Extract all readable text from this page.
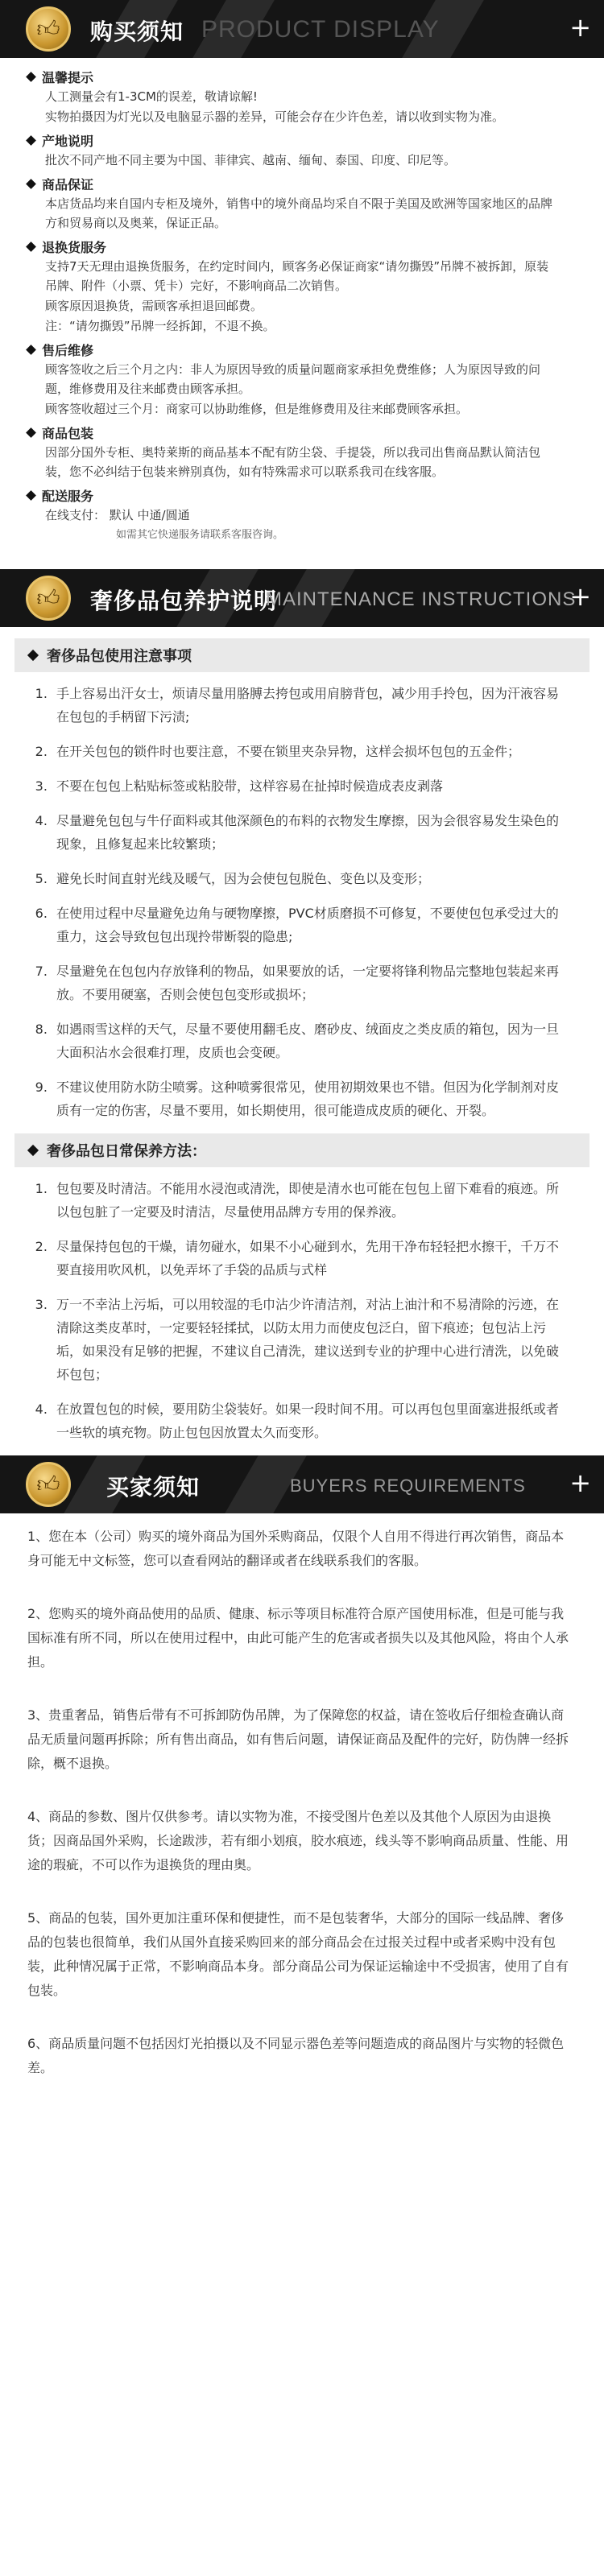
👍︎	购买须知 PRODUCT DISPLAY	+
温馨提示
人工测量会有1-3CM的误差，敬请谅解!
实物拍摄因为灯光以及电脑显示器的差异，可能会存在少许色差，请以收到实物为准。
产地说明
批次不同产地不同主要为中国、菲律宾、越南、缅甸、泰国、印度、印尼等。
商品保证
本店货品均来自国内专柜及境外，销售中的境外商品均采自不限于美国及欧洲等国家地区的品牌方和贸易商以及奥莱，保证正品。
退换货服务
支持7天无理由退换货服务，在约定时间内，顾客务必保证商家“请勿撕毁”吊牌不被拆卸，原装吊牌、附件（小票、凭卡）完好，不影响商品二次销售。
顾客原因退换货，需顾客承担退回邮费。
注：“请勿撕毁”吊牌一经拆卸，不退不换。
售后维修
顾客签收之后三个月之内：非人为原因导致的质量问题商家承担免费维修；人为原因导致的问题，维修费用及往来邮费由顾客承担。
顾客签收超过三个月：商家可以协助维修，但是维修费用及往来邮费顾客承担。
商品包装
因部分国外专柜、奥特莱斯的商品基本不配有防尘袋、手提袋，所以我司出售商品默认简洁包装，您不必纠结于包装来辨别真伪，如有特殊需求可以联系我司在线客服。
配送服务
在线支付： 默认 中通/圆通
如需其它快递服务请联系客服咨询。
👍︎	奢侈品包养护说明
MAINTENANCE INSTRUCTIONS
+
奢侈品包使用注意事项
1. 手上容易出汗女士，烦请尽量用胳膊去挎包或用肩膀背包，减少用手拎包，因为汗液容易在包包的手柄留下污渍;
2. 在开关包包的锁件时也要注意，不要在锁里夹杂异物，这样会损坏包包的五金件；
3. 不要在包包上粘贴标签或粘胶带，这样容易在扯掉时候造成表皮剥落
4. 尽量避免包包与牛仔面料或其他深颜色的布料的衣物发生摩擦，因为会很容易发生染色的现象，且修复起来比较繁琐；
5. 避免长时间直射光线及暖气，因为会使包包脱色、变色以及变形；
6. 在使用过程中尽量避免边角与硬物摩擦，PVC材质磨损不可修复，不要使包包承受过大的重力，这会导致包包出现拎带断裂的隐患;
7. 尽量避免在包包内存放锋利的物品，如果要放的话，一定要将锋利物品完整地包装起来再放。不要用硬塞，否则会使包包变形或损坏；
8. 如遇雨雪这样的天气，尽量不要使用翻毛皮、磨砂皮、绒面皮之类皮质的箱包，因为一旦大面积沾水会很难打理，皮质也会变硬。
9. 不建议使用防水防尘喷雾。这种喷雾很常见，使用初期效果也不错。但因为化学制剂对皮质有一定的伤害，尽量不要用，如长期使用，很可能造成皮质的硬化、开裂。
奢侈品包日常保养方法：
1. 包包要及时清洁。不能用水浸泡或清洗，即使是清水也可能在包包上留下难看的痕迹。所以包包脏了一定要及时清洁，尽量使用品牌方专用的保养液。
2. 尽量保持包包的干燥，请勿碰水，如果不小心碰到水，先用干净布轻轻把水擦干，千万不要直接用吹风机，以免弄坏了手袋的品质与式样
3. 万一不幸沾上污垢，可以用较湿的毛巾沾少许清洁剂，对沾上油汁和不易清除的污迹，在清除这类皮革时，一定要轻轻揉拭，以防太用力而使皮包泛白，留下痕迹；包包沾上污垢，如果没有足够的把握，不建议自己清洗，建议送到专业的护理中心进行清洗，以免破坏包包；
4. 在放置包包的时候，要用防尘袋装好。如果一段时间不用。可以再包包里面塞进报纸或者一些软的填充物。防止包包因放置太久而变形。
👍︎	买家须知	BUYERS REQUIREMENTS +

1、您在本（公司）购买的境外商品为国外采购商品，仅限个人自用不得进行再次销售，商品本身可能无中文标签，您可以查看网站的翻译或者在线联系我们的客服。

2、您购买的境外商品使用的品质、健康、标示等项目标准符合原产国使用标准，但是可能与我国标准有所不同，所以在使用过程中，由此可能产生的危害或者损失以及其他风险，将由个人承担。

3、贵重奢品，销售后带有不可拆卸防伪吊牌，为了保障您的权益，请在签收后仔细检查确认商品无质量问题再拆除；所有售出商品，如有售后问题，请保证商品及配件的完好，防伪牌一经拆除，概不退换。

4、商品的参数、图片仅供参考。请以实物为准，不接受图片色差以及其他个人原因为由退换货；因商品国外采购，长途跋涉，若有细小划痕，胶水痕迹，线头等不影响商品质量、性能、用途的瑕疵，不可以作为退换货的理由奥。

5、商品的包装，国外更加注重环保和便捷性，而不是包装奢华，大部分的国际一线品牌、奢侈品的包装也很简单，我们从国外直接采购回来的部分商品会在过报关过程中或者采购中没有包装，此种情况属于正常，不影响商品本身。部分商品公司为保证运输途中不受损害，使用了自有包装。

6、商品质量问题不包括因灯光拍摄以及不同显示器色差等问题造成的商品图片与实物的轻微色差。
